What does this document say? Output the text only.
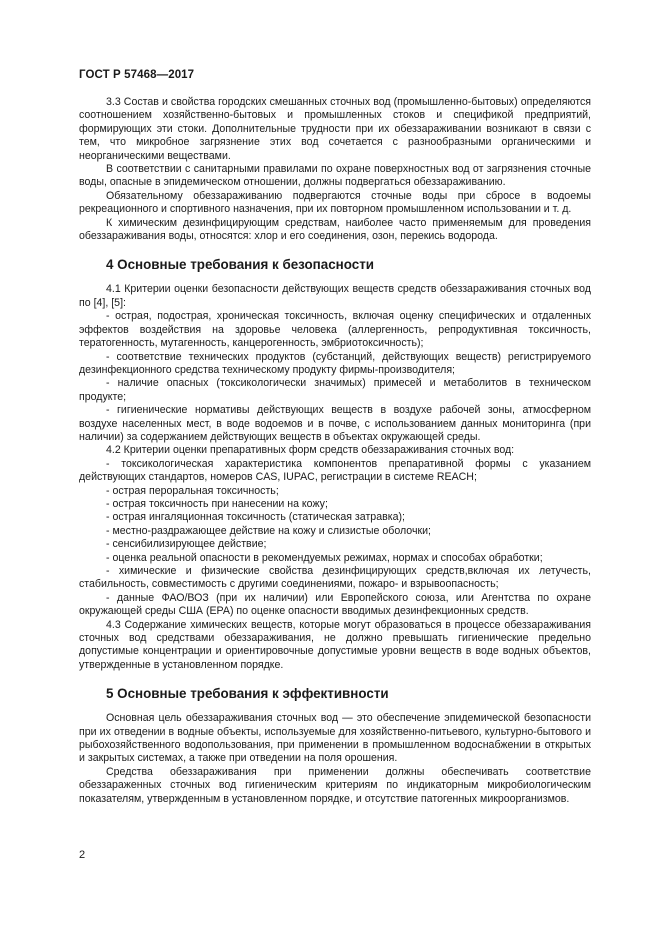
ГОСТ Р 57468—2017

3.3 Состав и свойства городских смешанных сточных вод (промышленно-бытовых) определяются соотношением хозяйственно-бытовых и промышленных стоков и спецификой предприятий, формирующих эти стоки. Дополнительные трудности при их обеззараживании возникают в связи с тем, что микробное загрязнение этих вод сочетается с разнообразными органическими и неорганическими веществами.

В соответствии с санитарными правилами по охране поверхностных вод от загрязнения сточные воды, опасные в эпидемическом отношении, должны подвергаться обеззараживанию.

Обязательному обеззараживанию подвергаются сточные воды при сбросе в водоемы рекреационного и спортивного назначения, при их повторном промышленном использовании и т. д.

К химическим дезинфицирующим средствам, наиболее часто применяемым для проведения обеззараживания воды, относятся: хлор и его соединения, озон, перекись водорода.

4 Основные требования к безопасности

4.1 Критерии оценки безопасности действующих веществ средств обеззараживания сточных вод по [4], [5]:

- острая, подострая, хроническая токсичность, включая оценку специфических и отдаленных эффектов воздействия на здоровье человека (аллергенность, репродуктивная токсичность, тератогенность, мутагенность, канцерогенность, эмбриотоксичность);

- соответствие технических продуктов (субстанций, действующих веществ) регистрируемого дезинфекционного средства техническому продукту фирмы-производителя;

- наличие опасных (токсикологически значимых) примесей и метаболитов в техническом продукте;

- гигиенические нормативы действующих веществ в воздухе рабочей зоны, атмосферном воздухе населенных мест, в воде водоемов и в почве, с использованием данных мониторинга (при наличии) за содержанием действующих веществ в объектах окружающей среды.

4.2 Критерии оценки препаративных форм средств обеззараживания сточных вод:

- токсикологическая характеристика компонентов препаративной формы с указанием действующих стандартов, номеров CAS, IUPAC, регистрации в системе REACH;

- острая пероральная токсичность;

- острая токсичность при нанесении на кожу;

- острая ингаляционная токсичность (статическая затравка);

- местно-раздражающее действие на кожу и слизистые оболочки;

- сенсибилизирующее действие;

- оценка реальной опасности в рекомендуемых режимах, нормах и способах обработки;

- химические и физические свойства дезинфицирующих средств,включая их летучесть, стабильность, совместимость с другими соединениями, пожаро- и взрывоопасность;

- данные ФАО/ВОЗ (при их наличии) или Европейского союза, или Агентства по охране окружающей среды США (ЕРА) по оценке опасности вводимых дезинфекционных средств.

4.3 Содержание химических веществ, которые могут образоваться в процессе обеззараживания сточных вод средствами обеззараживания, не должно превышать гигиенические предельно допустимые концентрации и ориентировочные допустимые уровни веществ в воде водных объектов, утвержденные в установленном порядке.

5 Основные требования к эффективности

Основная цель обеззараживания сточных вод — это обеспечение эпидемической безопасности при их отведении в водные объекты, используемые для хозяйственно-питьевого, культурно-бытового и рыбохозяйственного водопользования, при применении в промышленном водоснабжении в открытых и закрытых системах, а также при отведении на поля орошения.

Средства обеззараживания при применении должны обеспечивать соответствие обеззараженных сточных вод гигиеническим критериям по индикаторным микробиологическим показателям, утвержденным в установленном порядке, и отсутствие патогенных микроорганизмов.

2
